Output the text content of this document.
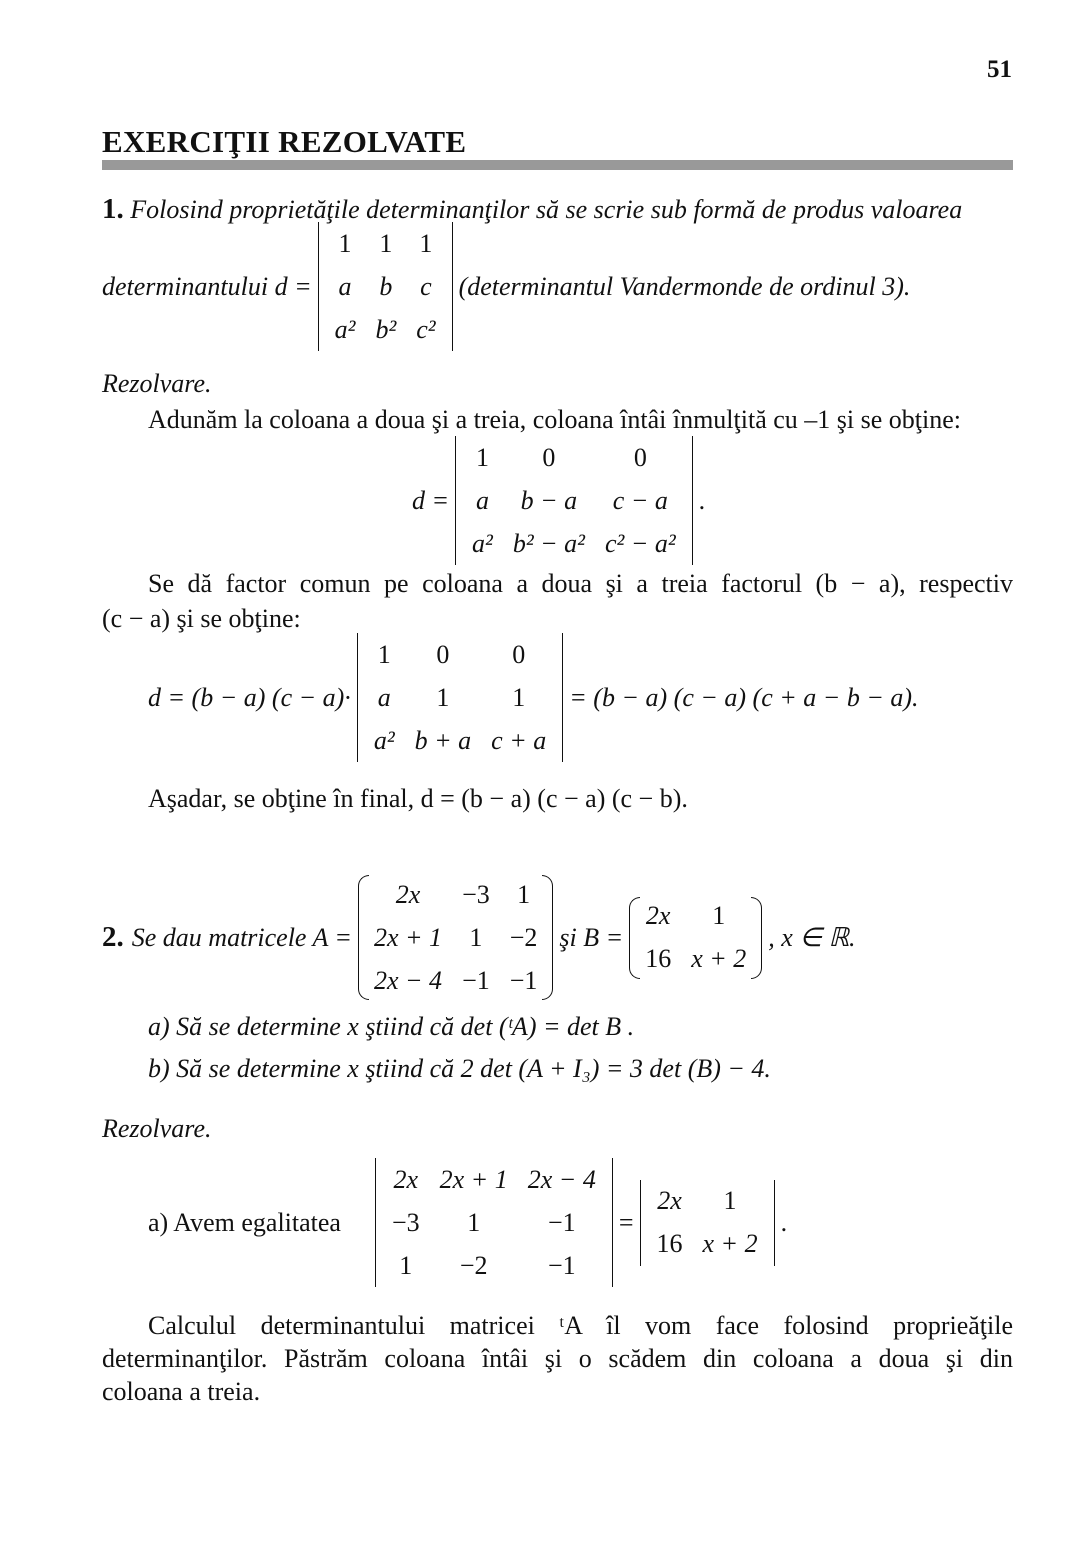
51
EXERCIŢII REZOLVATE
1. Folosind proprietăţile determinanţilor să se scrie sub formă de produs valoarea
determinantului d =
1	1	1
a	b	c
a²	b²	c²
(determinantul Vandermonde de ordinul 3).
Rezolvare.
Adunăm la coloana a doua şi a treia, coloana întâi înmulţită cu –1 şi se obţine:
d =
1	0	0
a	b − a	c − a
a²	b² − a²	c² − a²
.
Se dă factor comun pe coloana a doua şi a treia factorul (b − a), respectiv
(c − a) şi se obţine:
d = (b − a) (c − a)·
1	0	0
a	1	1
a²	b + a	c + a
= (b − a) (c − a) (c + a − b − a).
Aşadar, se obţine în final, d = (b − a) (c − a) (c − b).
2. Se dau matricele A =
2x	−3	1
2x + 1	1	−2
2x − 4	−1	−1
şi B =
2x	1
16	x + 2
, x ∈ ℝ.
a) Să se determine x ştiind că det (ᵗA) = det B .
b) Să se determine x ştiind că 2 det (A + I₃) = 3 det (B) − 4.
Rezolvare.
a) Avem egalitatea
2x	2x + 1	2x − 4
−3	1	−1
1	−2	−1
=
2x	1
16	x + 2
.
Calculul determinantului matricei ᵗA îl vom face folosind proprieăţile
determinanţilor. Păstrăm coloana întâi şi o scădem din coloana a doua şi din
coloana a treia.
